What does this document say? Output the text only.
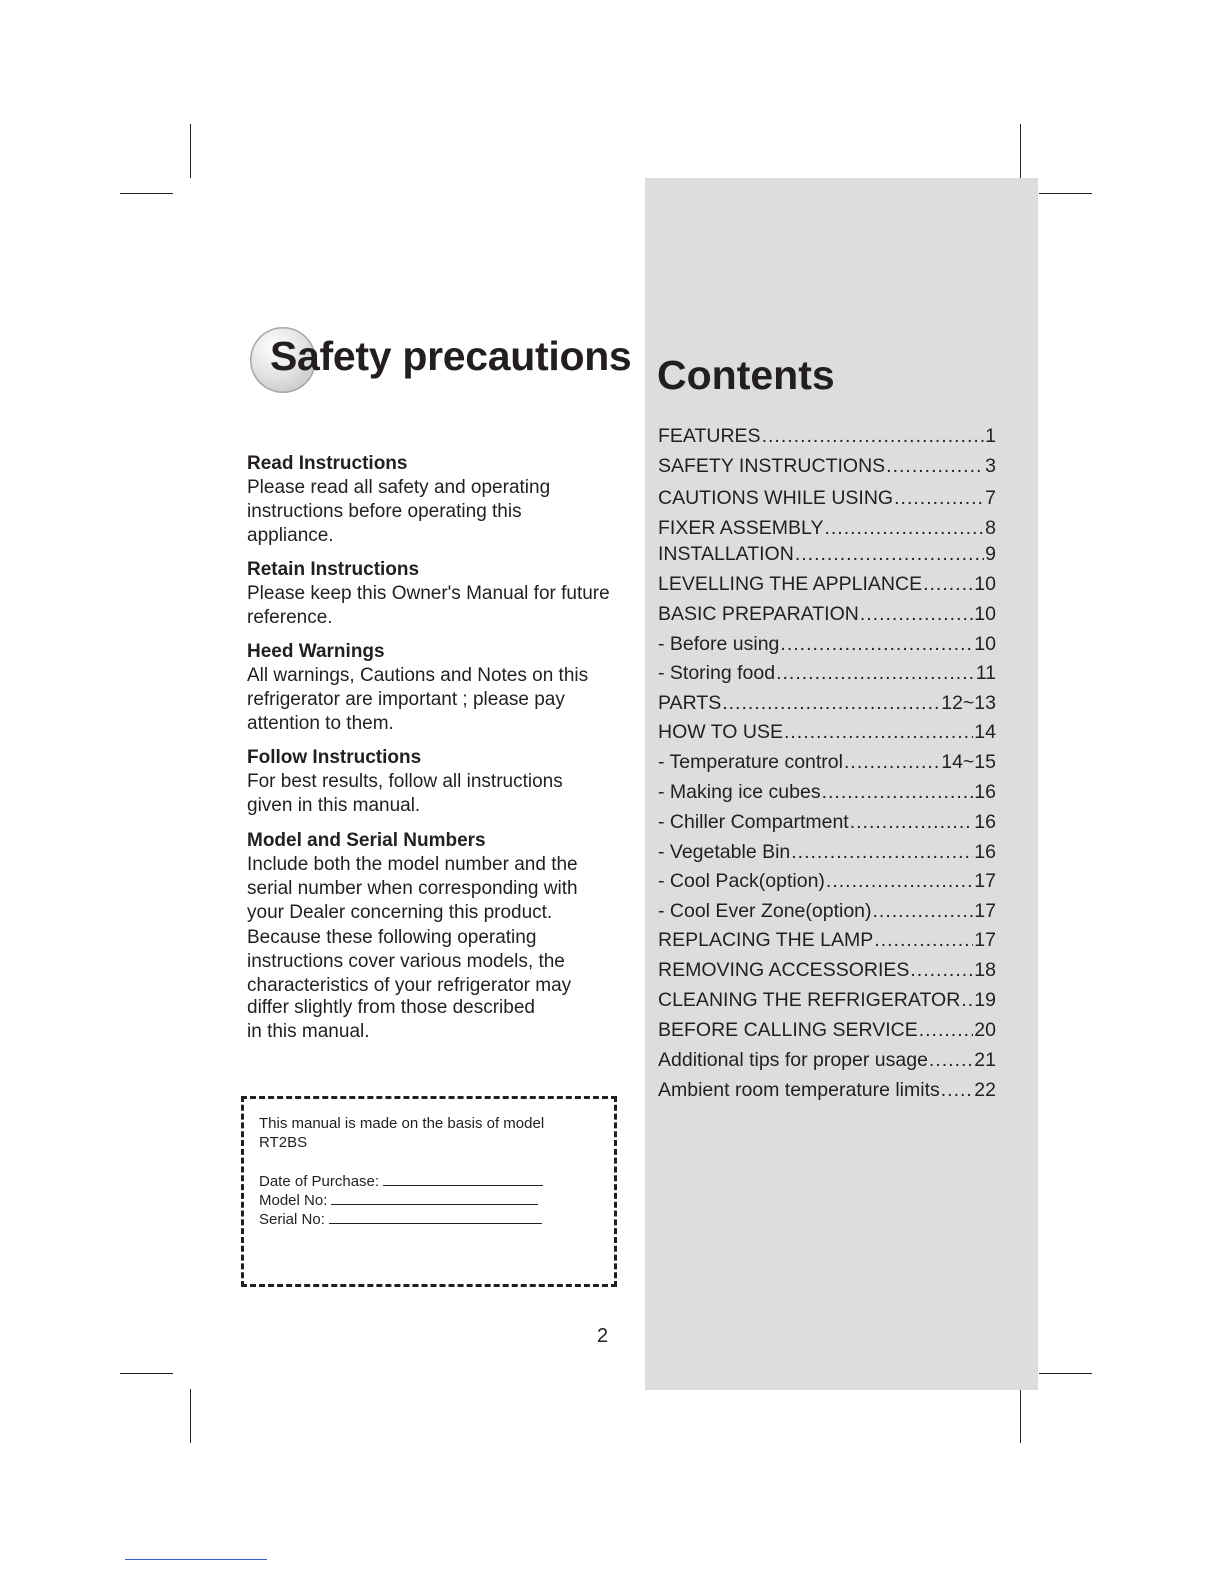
Safety precautions

Read Instructions

Please read all safety and operating

instructions before operating this

appliance.

Retain Instructions

Please keep this Owner's Manual for future

reference.

Heed Warnings

All warnings, Cautions and Notes on this

refrigerator are important ; please pay

attention to them.

Follow Instructions

For best results, follow all instructions

given in this manual.

Model and Serial Numbers

Include both the model number and the

serial number when corresponding with

your Dealer concerning this product.

Because these following operating

instructions cover various models, the

characteristics of your refrigerator may

differ slightly from those described

in this manual.

This manual is made on the basis of model
RT2BS
Date of Purchase:
Model No:
Serial No:
Contents
FEATURES .....	1
SAFETY INSTRUCTIONS .....	3
CAUTIONS WHILE USING .....	7
FIXER ASSEMBLY .....	8
INSTALLATION .....	9
LEVELLING THE APPLIANCE .....	10
BASIC PREPARATION .....	10
- Before using .....	10
- Storing food .....	11
PARTS .....	12~13
HOW TO USE .....	14
- Temperature control .....	14~15
- Making ice cubes .....	16
- Chiller Compartment .....	16
- Vegetable Bin .....	16
- Cool Pack(option) .....	17
- Cool Ever Zone(option) .....	17
REPLACING THE LAMP .....	17
REMOVING ACCESSORIES .....	18
CLEANING THE REFRIGERATOR ..... 19
BEFORE CALLING SERVICE .....	20
Additional tips for proper usage ..... 21
Ambient room temperature limits ..... 22

2
